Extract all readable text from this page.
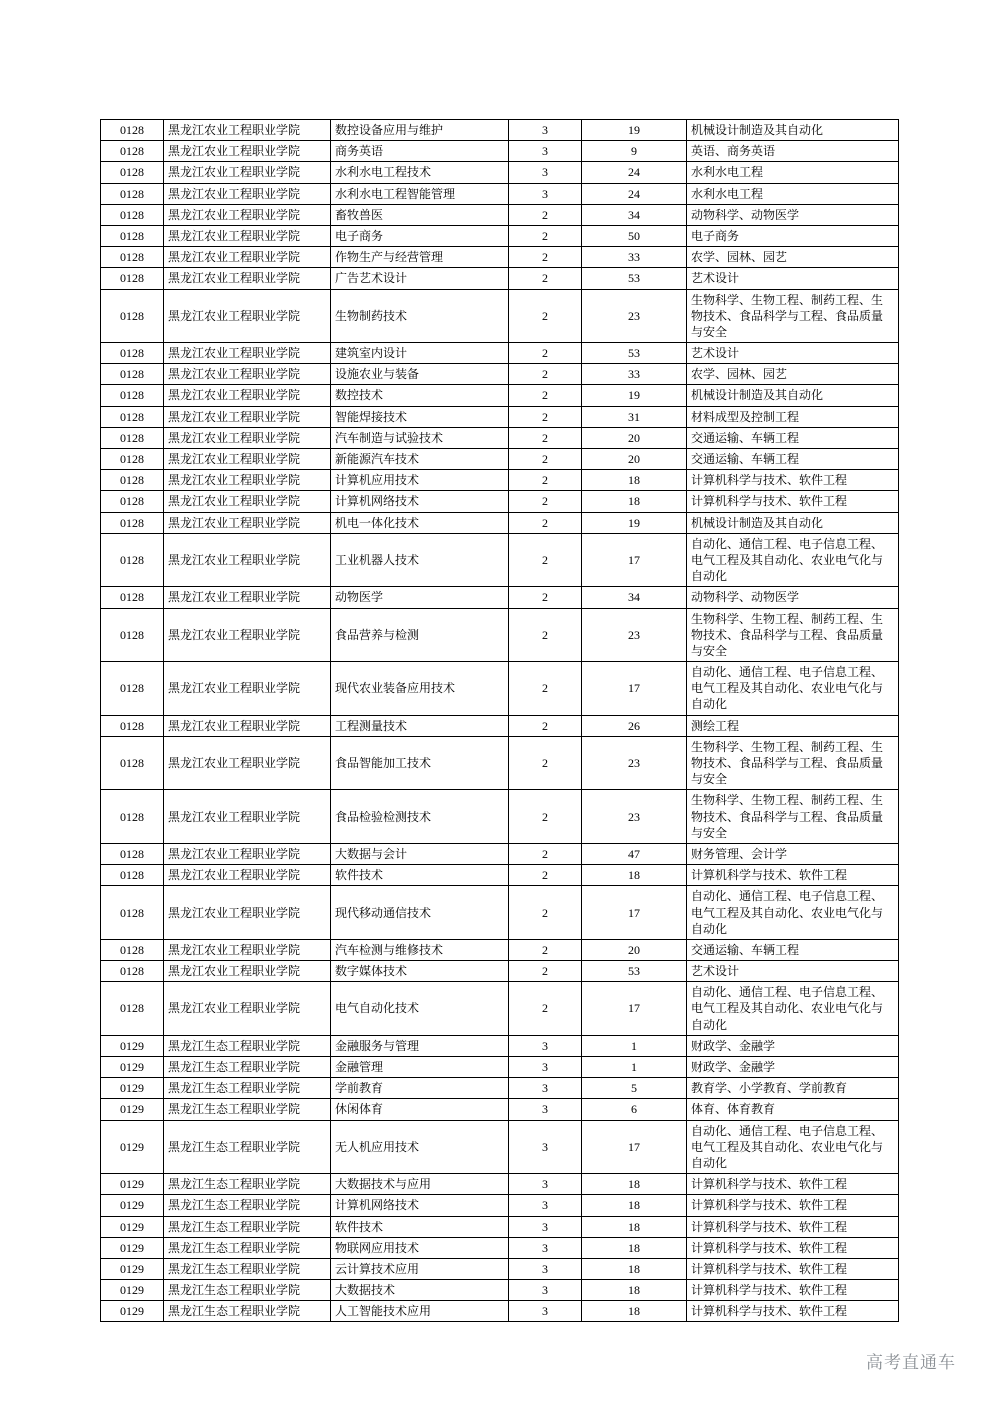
0128	黑龙江农业工程职业学院	数控设备应用与维护	3	19	机械设计制造及其自动化
0128	黑龙江农业工程职业学院	商务英语	3	9	英语、商务英语
0128	黑龙江农业工程职业学院	水利水电工程技术	3	24	水利水电工程
0128	黑龙江农业工程职业学院	水利水电工程智能管理	3	24	水利水电工程
0128	黑龙江农业工程职业学院	畜牧兽医	2	34	动物科学、动物医学
0128	黑龙江农业工程职业学院	电子商务	2	50	电子商务
0128	黑龙江农业工程职业学院	作物生产与经营管理	2	33	农学、园林、园艺
0128	黑龙江农业工程职业学院	广告艺术设计	2	53	艺术设计
0128	黑龙江农业工程职业学院	生物制药技术	2	23	生物科学、生物工程、制药工程、生物技术、食品科学与工程、食品质量与安全
0128	黑龙江农业工程职业学院	建筑室内设计	2	53	艺术设计
0128	黑龙江农业工程职业学院	设施农业与装备	2	33	农学、园林、园艺
0128	黑龙江农业工程职业学院	数控技术	2	19	机械设计制造及其自动化
0128	黑龙江农业工程职业学院	智能焊接技术	2	31	材料成型及控制工程
0128	黑龙江农业工程职业学院	汽车制造与试验技术	2	20	交通运输、车辆工程
0128	黑龙江农业工程职业学院	新能源汽车技术	2	20	交通运输、车辆工程
0128	黑龙江农业工程职业学院	计算机应用技术	2	18	计算机科学与技术、软件工程
0128	黑龙江农业工程职业学院	计算机网络技术	2	18	计算机科学与技术、软件工程
0128	黑龙江农业工程职业学院	机电一体化技术	2	19	机械设计制造及其自动化
0128	黑龙江农业工程职业学院	工业机器人技术	2	17	自动化、通信工程、电子信息工程、电气工程及其自动化、农业电气化与自动化
0128	黑龙江农业工程职业学院	动物医学	2	34	动物科学、动物医学
0128	黑龙江农业工程职业学院	食品营养与检测	2	23	生物科学、生物工程、制药工程、生物技术、食品科学与工程、食品质量与安全
0128	黑龙江农业工程职业学院	现代农业装备应用技术	2	17	自动化、通信工程、电子信息工程、电气工程及其自动化、农业电气化与自动化
0128	黑龙江农业工程职业学院	工程测量技术	2	26	测绘工程
0128	黑龙江农业工程职业学院	食品智能加工技术	2	23	生物科学、生物工程、制药工程、生物技术、食品科学与工程、食品质量与安全
0128	黑龙江农业工程职业学院	食品检验检测技术	2	23	生物科学、生物工程、制药工程、生物技术、食品科学与工程、食品质量与安全
0128	黑龙江农业工程职业学院	大数据与会计	2	47	财务管理、会计学
0128	黑龙江农业工程职业学院	软件技术	2	18	计算机科学与技术、软件工程
0128	黑龙江农业工程职业学院	现代移动通信技术	2	17	自动化、通信工程、电子信息工程、电气工程及其自动化、农业电气化与自动化
0128	黑龙江农业工程职业学院	汽车检测与维修技术	2	20	交通运输、车辆工程
0128	黑龙江农业工程职业学院	数字媒体技术	2	53	艺术设计
0128	黑龙江农业工程职业学院	电气自动化技术	2	17	自动化、通信工程、电子信息工程、电气工程及其自动化、农业电气化与自动化
0129	黑龙江生态工程职业学院	金融服务与管理	3	1	财政学、金融学
0129	黑龙江生态工程职业学院	金融管理	3	1	财政学、金融学
0129	黑龙江生态工程职业学院	学前教育	3	5	教育学、小学教育、学前教育
0129	黑龙江生态工程职业学院	休闲体育	3	6	体育、体育教育
0129	黑龙江生态工程职业学院	无人机应用技术	3	17	自动化、通信工程、电子信息工程、电气工程及其自动化、农业电气化与自动化
0129	黑龙江生态工程职业学院	大数据技术与应用	3	18	计算机科学与技术、软件工程
0129	黑龙江生态工程职业学院	计算机网络技术	3	18	计算机科学与技术、软件工程
0129	黑龙江生态工程职业学院	软件技术	3	18	计算机科学与技术、软件工程
0129	黑龙江生态工程职业学院	物联网应用技术	3	18	计算机科学与技术、软件工程
0129	黑龙江生态工程职业学院	云计算技术应用	3	18	计算机科学与技术、软件工程
0129	黑龙江生态工程职业学院	大数据技术	3	18	计算机科学与技术、软件工程
0129	黑龙江生态工程职业学院	人工智能技术应用	3	18	计算机科学与技术、软件工程
高考直通车
